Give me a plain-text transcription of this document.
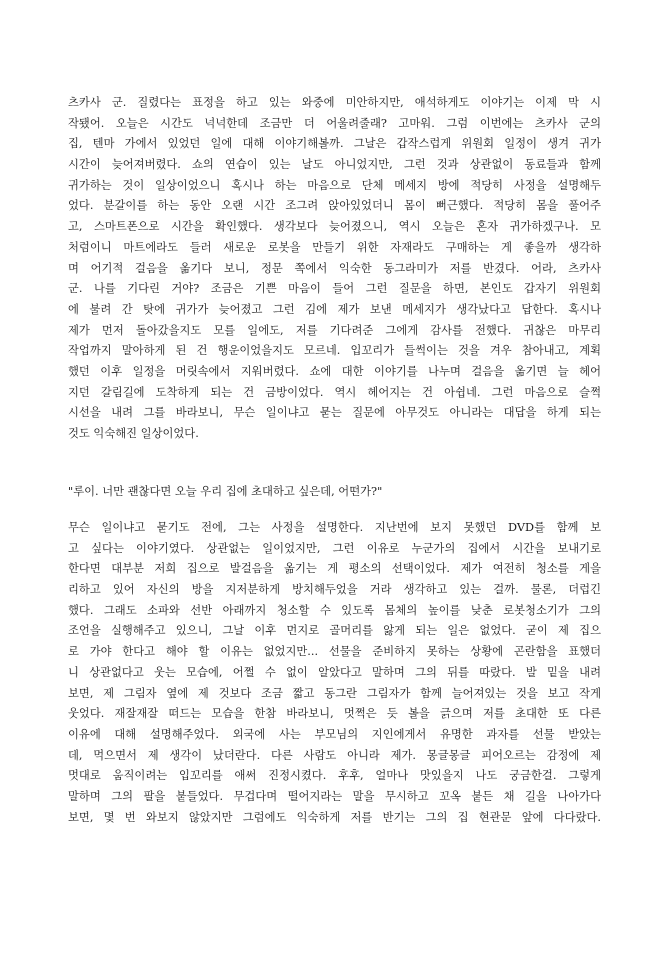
츠카사 군. 질렸다는 표정을 하고 있는 와중에 미안하지만, 애석하게도 이야기는 이제 막 시
작됐어. 오늘은 시간도 넉넉한데 조금만 더 어울려줄래? 고마워. 그럼 이번에는 츠카사 군의
집, 텐마 가에서 있었던 일에 대해 이야기해볼까. 그날은 갑작스럽게 위원회 일정이 생겨 귀가
시간이 늦어져버렸다. 쇼의 연습이 있는 날도 아니었지만, 그런 것과 상관없이 동료들과 함께
귀가하는 것이 일상이었으니 혹시나 하는 마음으로 단체 메세지 방에 적당히 사정을 설명해두
었다. 분갈이를 하는 동안 오랜 시간 조그려 앉아있었더니 몸이 뻐근했다. 적당히 몸을 풀어주
고, 스마트폰으로 시간을 확인했다. 생각보다 늦어졌으니, 역시 오늘은 혼자 귀가하겠구나. 모
처럼이니 마트에라도 들러 새로운 로봇을 만들기 위한 자재라도 구매하는 게 좋을까 생각하
며 어기적 걸음을 옮기다 보니, 정문 쪽에서 익숙한 동그라미가 저를 반겼다. 어라, 츠카사
군. 나를 기다린 거야? 조금은 기쁜 마음이 들어 그런 질문을 하면, 본인도 갑자기 위원회
에 불려 간 탓에 귀가가 늦어졌고 그런 김에 제가 보낸 메세지가 생각났다고 답한다. 혹시나
제가 먼저 돌아갔을지도 모를 일에도, 저를 기다려준 그에게 감사를 전했다. 귀찮은 마무리
작업까지 말아하게 된 건 행운이었을지도 모르네. 입꼬리가 들썩이는 것을 겨우 참아내고, 계획
했던 이후 일정을 머릿속에서 지워버렸다. 쇼에 대한 이야기를 나누며 걸음을 옮기면 늘 헤어
지던 갈림길에 도착하게 되는 건 금방이었다. 역시 헤어지는 건 아쉽네. 그런 마음으로 슬쩍
시선을 내려 그를 바라보니, 무슨 일이냐고 묻는 질문에 아무것도 아니라는 대답을 하게 되는
것도 익숙해진 일상이었다.
"루이. 너만 괜찮다면 오늘 우리 집에 초대하고 싶은데, 어떤가?"
무슨 일이냐고 묻기도 전에, 그는 사정을 설명한다. 지난번에 보지 못했던 DVD를 함께 보
고 싶다는 이야기였다. 상관없는 일이었지만, 그런 이유로 누군가의 집에서 시간을 보내기로
한다면 대부분 저희 집으로 발걸음을 옮기는 게 평소의 선택이었다. 제가 여전히 청소를 게을
리하고 있어 자신의 방을 지저분하게 방치해두었을 거라 생각하고 있는 걸까. 물론, 더럽긴
했다. 그래도 소파와 선반 아래까지 청소할 수 있도록 몸체의 높이를 낮춘 로봇청소기가 그의
조언을 실행해주고 있으니, 그날 이후 먼지로 골머리를 앓게 되는 일은 없었다. 굳이 제 집으
로 가야 한다고 해야 할 이유는 없었지만... 선물을 준비하지 못하는 상황에 곤란함을 표했더
니 상관없다고 웃는 모습에, 어쩔 수 없이 알았다고 말하며 그의 뒤를 따랐다. 발 밑을 내려
보면, 제 그림자 옆에 제 것보다 조금 짧고 동그란 그림자가 함께 늘어져있는 것을 보고 작게
웃었다. 재잘재잘 떠드는 모습을 한참 바라보니, 멋쩍은 듯 볼을 긁으며 저를 초대한 또 다른
이유에 대해 설명해주었다. 외국에 사는 부모님의 지인에게서 유명한 과자를 선물 받았는
데, 먹으면서 제 생각이 났더란다. 다른 사람도 아니라 제가. 몽글몽글 피어오르는 감정에 제
멋대로 움직이려는 입꼬리를 애써 진정시켰다. 후후, 얼마나 맛있을지 나도 궁금한걸. 그렇게
말하며 그의 팔을 붙들었다. 무겁다며 떨어지라는 말을 무시하고 꼬옥 붙든 채 길을 나아가다
보면, 몇 번 와보지 않았지만 그럼에도 익숙하게 저를 반기는 그의 집 현관문 앞에 다다랐다.
